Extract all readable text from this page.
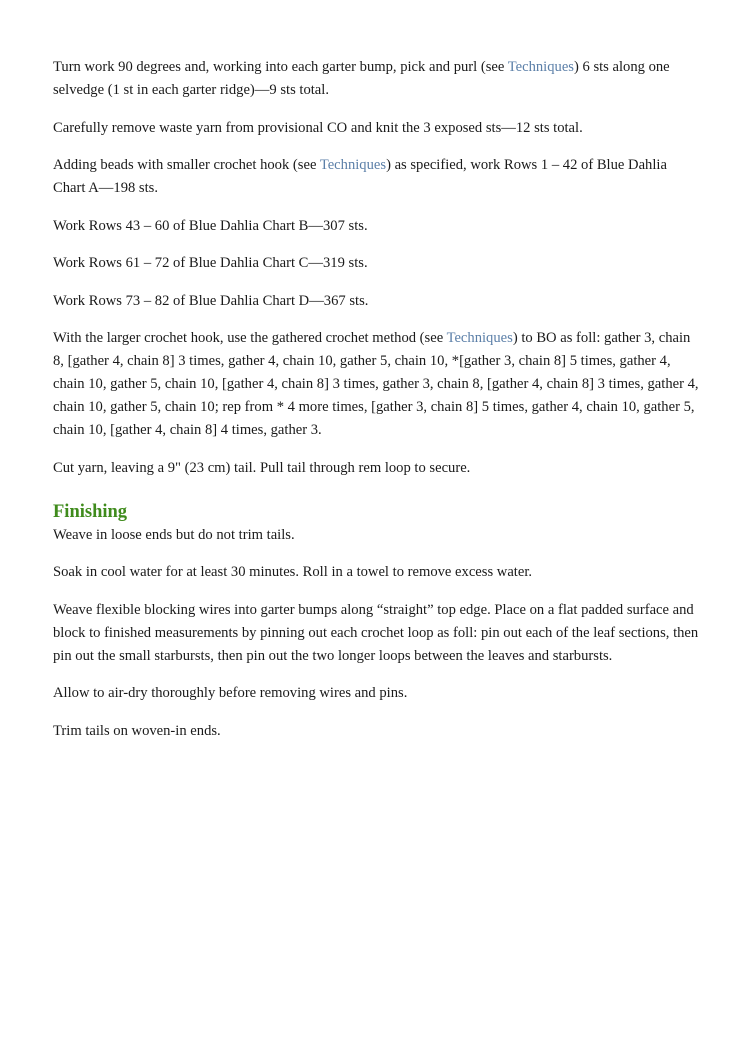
Turn work 90 degrees and, working into each garter bump, pick and purl (see Techniques) 6 sts along one selvedge (1 st in each garter ridge)—9 sts total.

Carefully remove waste yarn from provisional CO and knit the 3 exposed sts—12 sts total.

Adding beads with smaller crochet hook (see Techniques) as specified, work Rows 1 – 42 of Blue Dahlia Chart A—198 sts.

Work Rows 43 – 60 of Blue Dahlia Chart B—307 sts.

Work Rows 61 – 72 of Blue Dahlia Chart C—319 sts.

Work Rows 73 – 82 of Blue Dahlia Chart D—367 sts.

With the larger crochet hook, use the gathered crochet method (see Techniques) to BO as foll: gather 3, chain 8, [gather 4, chain 8] 3 times, gather 4, chain 10, gather 5, chain 10, *[gather 3, chain 8] 5 times, gather 4, chain 10, gather 5, chain 10, [gather 4, chain 8] 3 times, gather 3, chain 8, [gather 4, chain 8] 3 times, gather 4, chain 10, gather 5, chain 10; rep from * 4 more times, [gather 3, chain 8] 5 times, gather 4, chain 10, gather 5, chain 10, [gather 4, chain 8] 4 times, gather 3.

Cut yarn, leaving a 9" (23 cm) tail. Pull tail through rem loop to secure.

Finishing

Weave in loose ends but do not trim tails.

Soak in cool water for at least 30 minutes. Roll in a towel to remove excess water.

Weave flexible blocking wires into garter bumps along “straight” top edge. Place on a flat padded surface and block to finished measurements by pinning out each crochet loop as foll: pin out each of the leaf sections, then pin out the small starbursts, then pin out the two longer loops between the leaves and starbursts.

Allow to air-dry thoroughly before removing wires and pins.

Trim tails on woven-in ends.
